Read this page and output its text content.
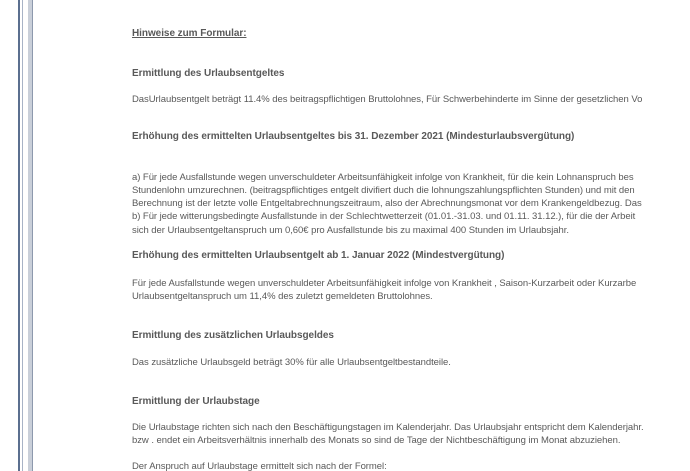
Hinweise zum Formular:
Ermittlung des Urlaubsentgeltes
DasUrlaubsentgelt beträgt 11.4% des beitragspflichtigen Bruttolohnes, Für Schwerbehinderte im Sinne der gesetzlichen Vo
Erhöhung des ermittelten Urlaubsentgeltes bis 31. Dezember 2021 (Mindesturlaubsvergütung)
a) Für jede Ausfallstunde wegen unverschuldeter Arbeitsunfähigkeit infolge von Krankheit, für die kein Lohnanspruch bes
Stundenlohn umzurechnen. (beitragspflichtiges entgelt divifiert duch die lohnungszahlungspflichten Stunden) und mit den
Berechnung ist der letzte volle Entgeltabrechnungszeitraum, also der Abrechnungsmonat vor dem Krankengeldbezug. Das
b) Für jede witterungsbedingte Ausfallstunde in der Schlechtwetterzeit (01.01.-31.03. und 01.11. 31.12.), für die der Arbeit
sich der Urlaubsentgeltanspruch um 0,60€ pro Ausfallstunde bis zu maximal 400 Stunden im Urlaubsjahr.
Erhöhung des ermittelten Urlaubsentgelt ab 1. Januar 2022 (Mindestvergütung)
Für jede Ausfallstunde wegen unverschuldeter Arbeitsunfähigkeit infolge von Krankheit , Saison-Kurzarbeit oder Kurzarbe
Urlaubsentgeltanspruch um 11,4% des zuletzt gemeldeten Bruttolohnes.
Ermittlung des zusätzlichen Urlaubsgeldes
Das zusätzliche Urlaubsgeld beträgt 30% für alle Urlaubsentgeltbestandteile.
Ermittlung der Urlaubstage
Die Urlaubstage richten sich nach den Beschäftigungstagen im Kalenderjahr. Das Urlaubsjahr entspricht dem Kalenderjahr.
bzw . endet ein Arbeitsverhältnis innerhalb des Monats so sind de Tage der Nichtbeschäftigung im Monat abzuziehen.
Der Anspruch auf Urlaubstage ermittelt sich nach der Formel:
